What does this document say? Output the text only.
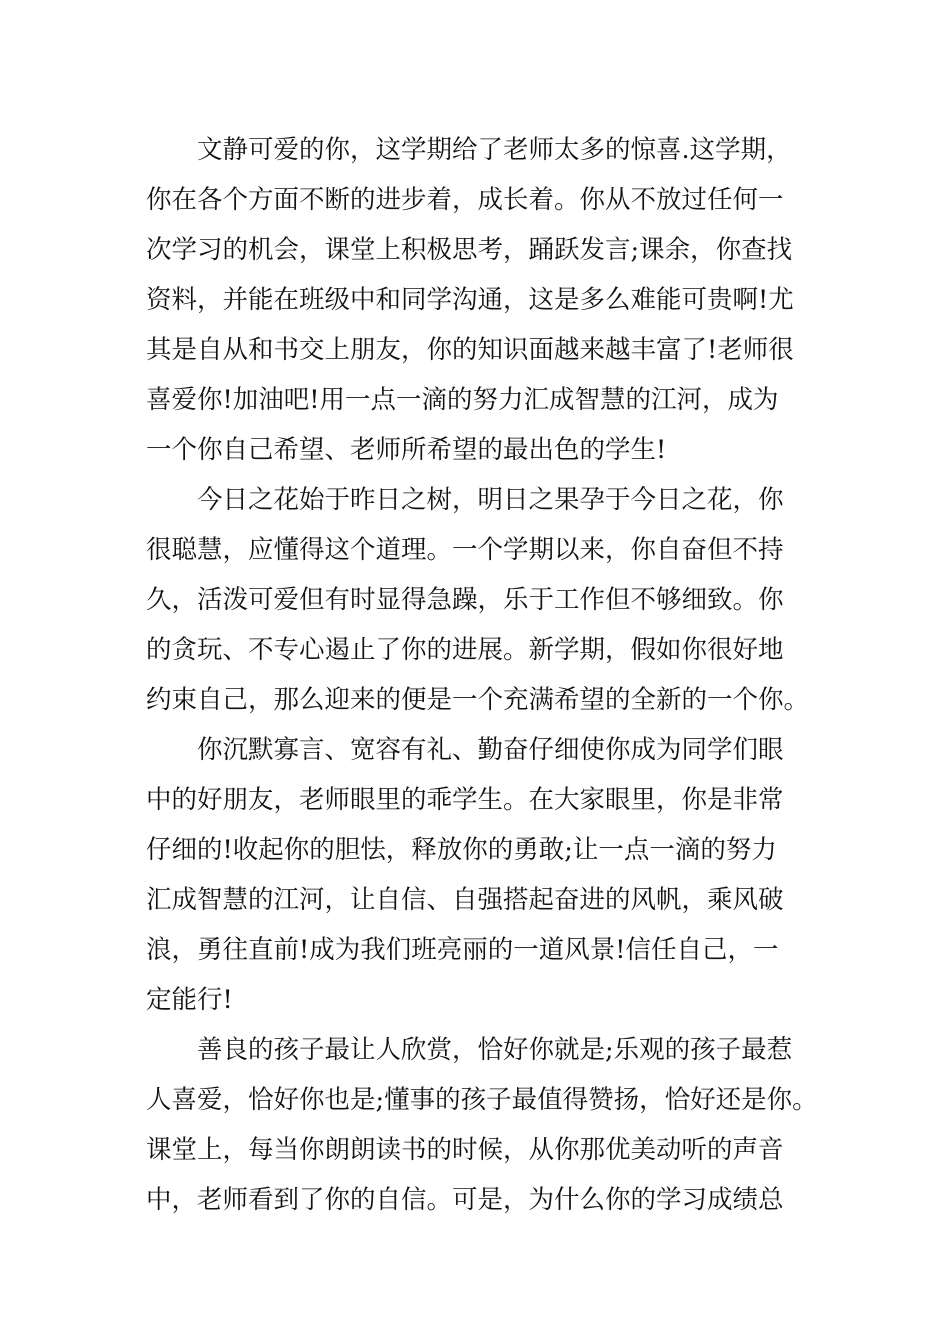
　　文静可爱的你，这学期给了老师太多的惊喜.这学期，
你在各个方面不断的进步着，成长着。你从不放过任何一
次学习的机会，课堂上积极思考，踊跃发言;课余，你查找
资料，并能在班级中和同学沟通，这是多么难能可贵啊!尤
其是自从和书交上朋友，你的知识面越来越丰富了!老师很
喜爱你!加油吧!用一点一滴的努力汇成智慧的江河，成为
一个你自己希望、老师所希望的最出色的学生!
　　今日之花始于昨日之树，明日之果孕于今日之花，你
很聪慧，应懂得这个道理。一个学期以来，你自奋但不持
久，活泼可爱但有时显得急躁，乐于工作但不够细致。你
的贪玩、不专心遏止了你的进展。新学期，假如你很好地
约束自己，那么迎来的便是一个充满希望的全新的一个你。
　　你沉默寡言、宽容有礼、勤奋仔细使你成为同学们眼
中的好朋友，老师眼里的乖学生。在大家眼里，你是非常
仔细的!收起你的胆怯，释放你的勇敢;让一点一滴的努力
汇成智慧的江河，让自信、自强搭起奋进的风帆，乘风破
浪，勇往直前!成为我们班亮丽的一道风景!信任自己，一
定能行!
　　善良的孩子最让人欣赏，恰好你就是;乐观的孩子最惹
人喜爱，恰好你也是;懂事的孩子最值得赞扬，恰好还是你。
课堂上，每当你朗朗读书的时候，从你那优美动听的声音
中，老师看到了你的自信。可是，为什么你的学习成绩总
